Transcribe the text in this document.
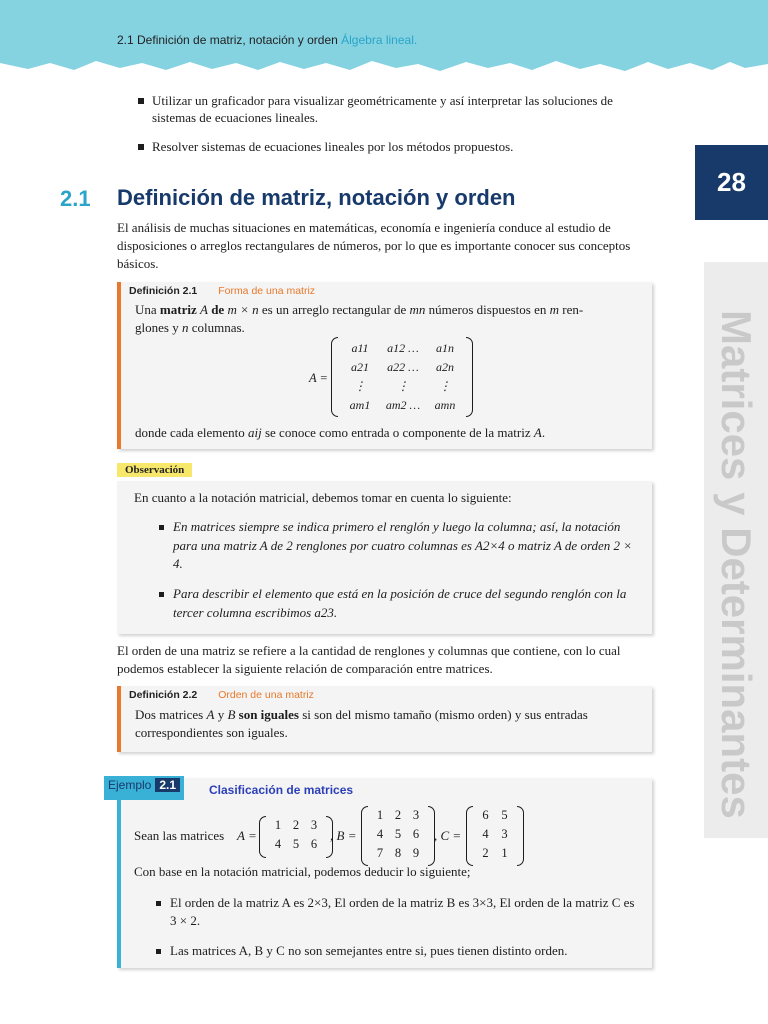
2.1 Definición de matriz, notación y orden Álgebra lineal.
Matrices y Determinantes
28
Utilizar un graficador para visualizar geométricamente y así interpretar las soluciones de sistemas de ecuaciones lineales.
Resolver sistemas de ecuaciones lineales por los métodos propuestos.
2.1 Definición de matriz, notación y orden

El análisis de muchas situaciones en matemáticas, economía e ingeniería conduce al estudio de disposiciones o arreglos rectangulares de números, por lo que es importante conocer sus conceptos básicos.

Definición 2.1 Forma de una matriz
Una matriz A de m × n es un arreglo rectangular de mn números dispuestos en m ren-
glones y n columnas.
A =
a11	a12 …	a1n
a21	a22 …	a2n
⋮	⋮	⋮
am1	am2 …	amn
donde cada elemento aij se conoce como entrada o componente de la matriz A.
Observación
En cuanto a la notación matricial, debemos tomar en cuenta lo siguiente:
En matrices siempre se indica primero el renglón y luego la columna; así, la notación para una matriz A de 2 renglones por cuatro columnas es A2×4 o matriz A de orden 2 × 4.
Para describir el elemento que está en la posición de cruce del segundo renglón con la tercer columna escribimos a23.

El orden de una matriz se refiere a la cantidad de renglones y columnas que contiene, con lo cual podemos establecer la siguiente relación de comparación entre matrices.

Definición 2.2 Orden de una matriz
Dos matrices A y B son iguales si son del mismo tamaño (mismo orden) y sus entradas
correspondientes son iguales.
Ejemplo 2.1	Clasificación de matrices
Sean las matrices A =
1 2 3
4 5 6
, B =
1 2 3
4 5 6
7 8 9
, C =
6	5
4	3
2	1
Con base en la notación matricial, podemos deducir lo siguiente;
El orden de la matriz A es 2×3, El orden de la matriz B es 3×3, El orden de la matriz C es 3 × 2.
Las matrices A, B y C no son semejantes entre si, pues tienen distinto orden.
